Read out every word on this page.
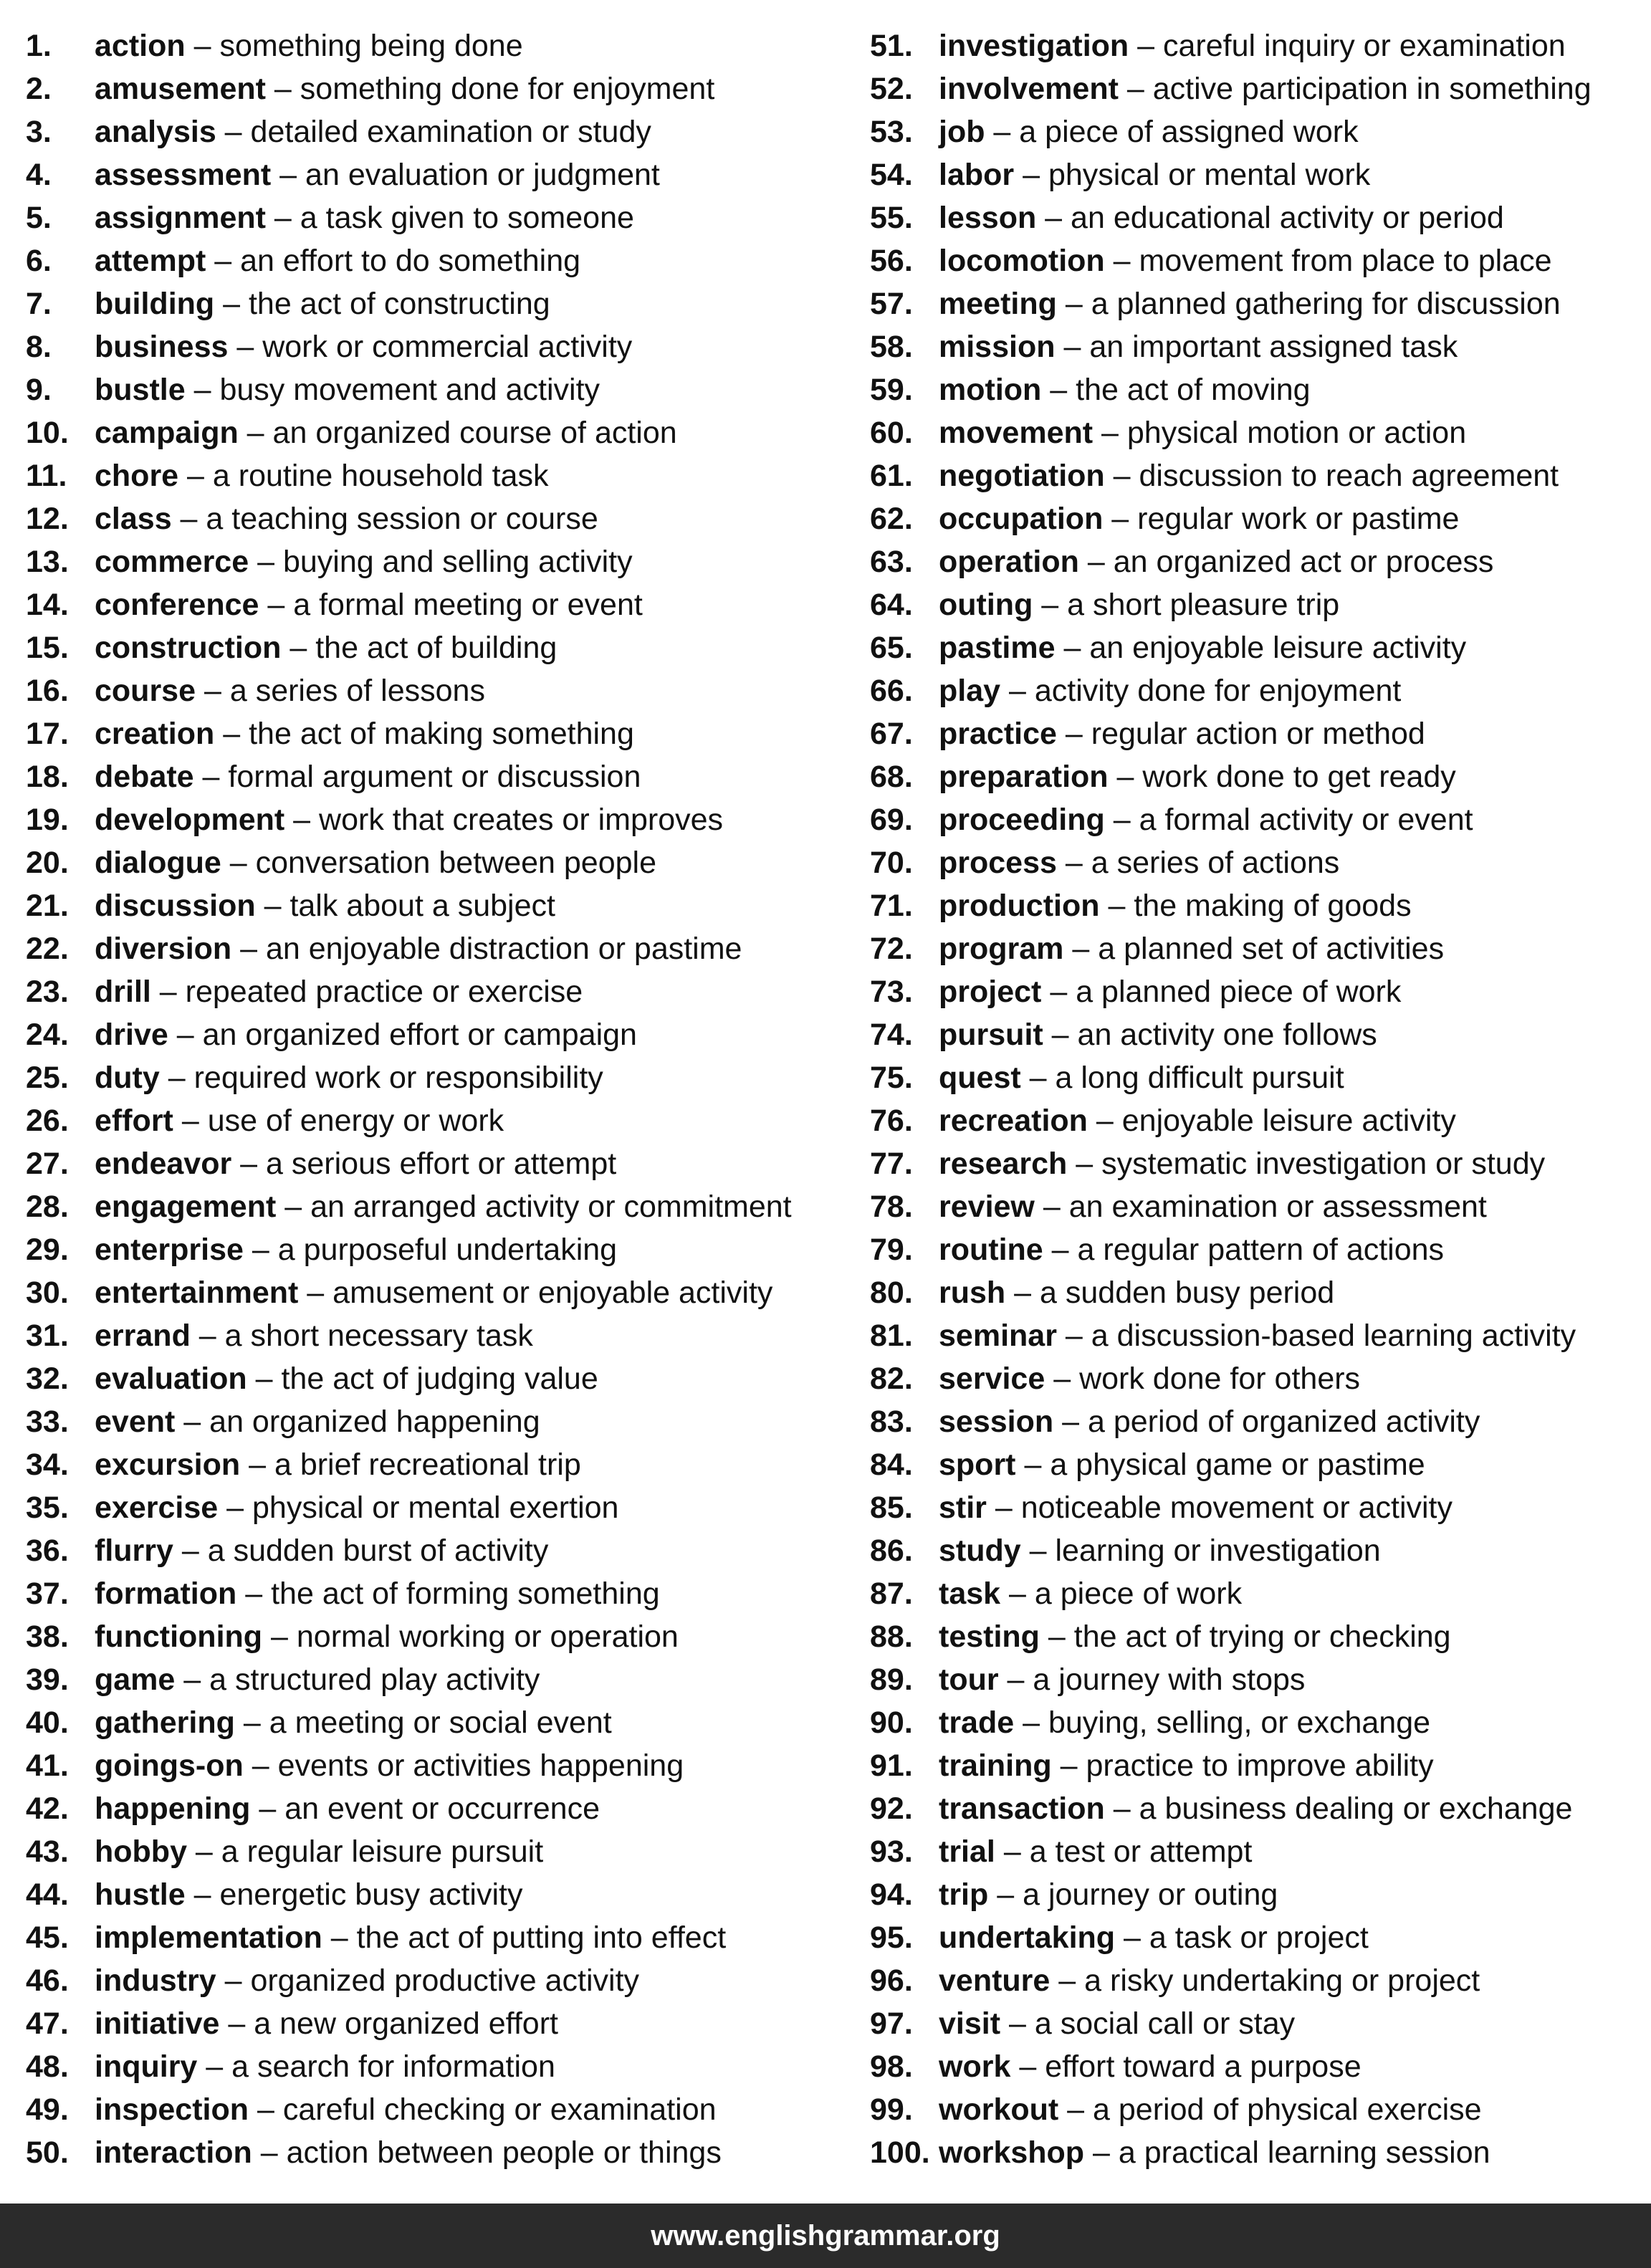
1.	action – something being done
2.	amusement – something done for enjoyment
3.	analysis – detailed examination or study
4.	assessment – an evaluation or judgment
5.	assignment – a task given to someone
6.	attempt – an effort to do something
7.	building – the act of constructing
8.	business – work or commercial activity
9.	bustle – busy movement and activity
10. campaign – an organized course of action
11. chore – a routine household task
12. class – a teaching session or course
13. commerce – buying and selling activity
14. conference – a formal meeting or event
15. construction – the act of building
16. course – a series of lessons
17. creation – the act of making something
18. debate – formal argument or discussion
19. development – work that creates or improves
20. dialogue – conversation between people
21. discussion – talk about a subject
22. diversion – an enjoyable distraction or pastime
23. drill – repeated practice or exercise
24. drive – an organized effort or campaign
25. duty – required work or responsibility
26. effort – use of energy or work
27. endeavor – a serious effort or attempt
28. engagement – an arranged activity or commitment
29. enterprise – a purposeful undertaking
30. entertainment – amusement or enjoyable activity
31. errand – a short necessary task
32. evaluation – the act of judging value
33. event – an organized happening
34. excursion – a brief recreational trip
35. exercise – physical or mental exertion
36. flurry – a sudden burst of activity
37. formation – the act of forming something
38. functioning – normal working or operation
39. game – a structured play activity
40. gathering – a meeting or social event
41. goings-on – events or activities happening
42. happening – an event or occurrence
43. hobby – a regular leisure pursuit
44. hustle – energetic busy activity
45. implementation – the act of putting into effect
46. industry – organized productive activity
47. initiative – a new organized effort
48. inquiry – a search for information
49. inspection – careful checking or examination
50. interaction – action between people or things
51. investigation – careful inquiry or examination
52. involvement – active participation in something
53. job – a piece of assigned work
54. labor – physical or mental work
55. lesson – an educational activity or period
56. locomotion – movement from place to place
57. meeting – a planned gathering for discussion
58. mission – an important assigned task
59. motion – the act of moving
60. movement – physical motion or action
61. negotiation – discussion to reach agreement
62. occupation – regular work or pastime
63. operation – an organized act or process
64. outing – a short pleasure trip
65. pastime – an enjoyable leisure activity
66. play – activity done for enjoyment
67. practice – regular action or method
68. preparation – work done to get ready
69. proceeding – a formal activity or event
70. process – a series of actions
71. production – the making of goods
72. program – a planned set of activities
73. project – a planned piece of work
74. pursuit – an activity one follows
75. quest – a long difficult pursuit
76. recreation – enjoyable leisure activity
77. research – systematic investigation or study
78. review – an examination or assessment
79. routine – a regular pattern of actions
80. rush – a sudden busy period
81. seminar – a discussion-based learning activity
82. service – work done for others
83. session – a period of organized activity
84. sport – a physical game or pastime
85. stir – noticeable movement or activity
86. study – learning or investigation
87. task – a piece of work
88. testing – the act of trying or checking
89. tour – a journey with stops
90. trade – buying, selling, or exchange
91. training – practice to improve ability
92. transaction – a business dealing or exchange
93. trial – a test or attempt
94. trip – a journey or outing
95. undertaking – a task or project
96. venture – a risky undertaking or project
97. visit – a social call or stay
98. work – effort toward a purpose
99. workout – a period of physical exercise
100. workshop – a practical learning session
www.englishgrammar.org
